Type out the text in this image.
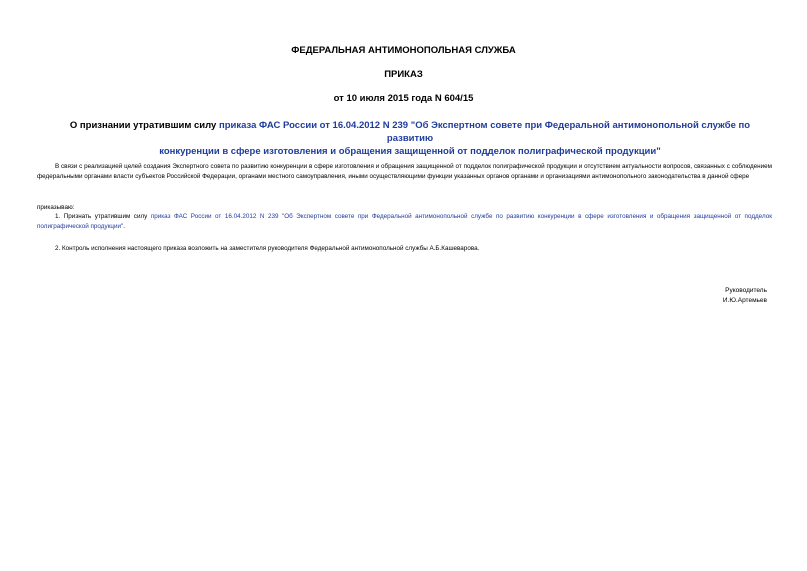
ФЕДЕРАЛЬНАЯ АНТИМОНОПОЛЬНАЯ СЛУЖБА
ПРИКАЗ
от 10 июля 2015 года N 604/15
О признании утратившим силу приказа ФАС России от 16.04.2012 N 239 "Об Экспертном совете при Федеральной антимонопольной службе по развитию
конкуренции в сфере изготовления и обращения защищенной от подделок полиграфической продукции"
В связи с реализацией целей создания Экспертного совета по развитию конкуренции в сфере изготовления и обращения защищенной от подделок полиграфической продукции и отсутствием актуальности вопросов, связанных с соблюдением федеральными органами власти субъектов Российской Федерации, органами местного самоуправления, иными осуществляющими функции указанных органов органами и организациями антимонопольного законодательства в данной сфере
приказываю:
1. Признать утратившим силу приказ ФАС России от 16.04.2012 N 239 "Об Экспертном совете при Федеральной антимонопольной службе по развитию конкуренции в сфере изготовления и обращения защищенной от подделок полиграфической продукции".
2. Контроль исполнения настоящего приказа возложить на заместителя руководителя Федеральной антимонопольной службы А.Б.Кашеварова.
Руководитель
И.Ю.Артемьев
